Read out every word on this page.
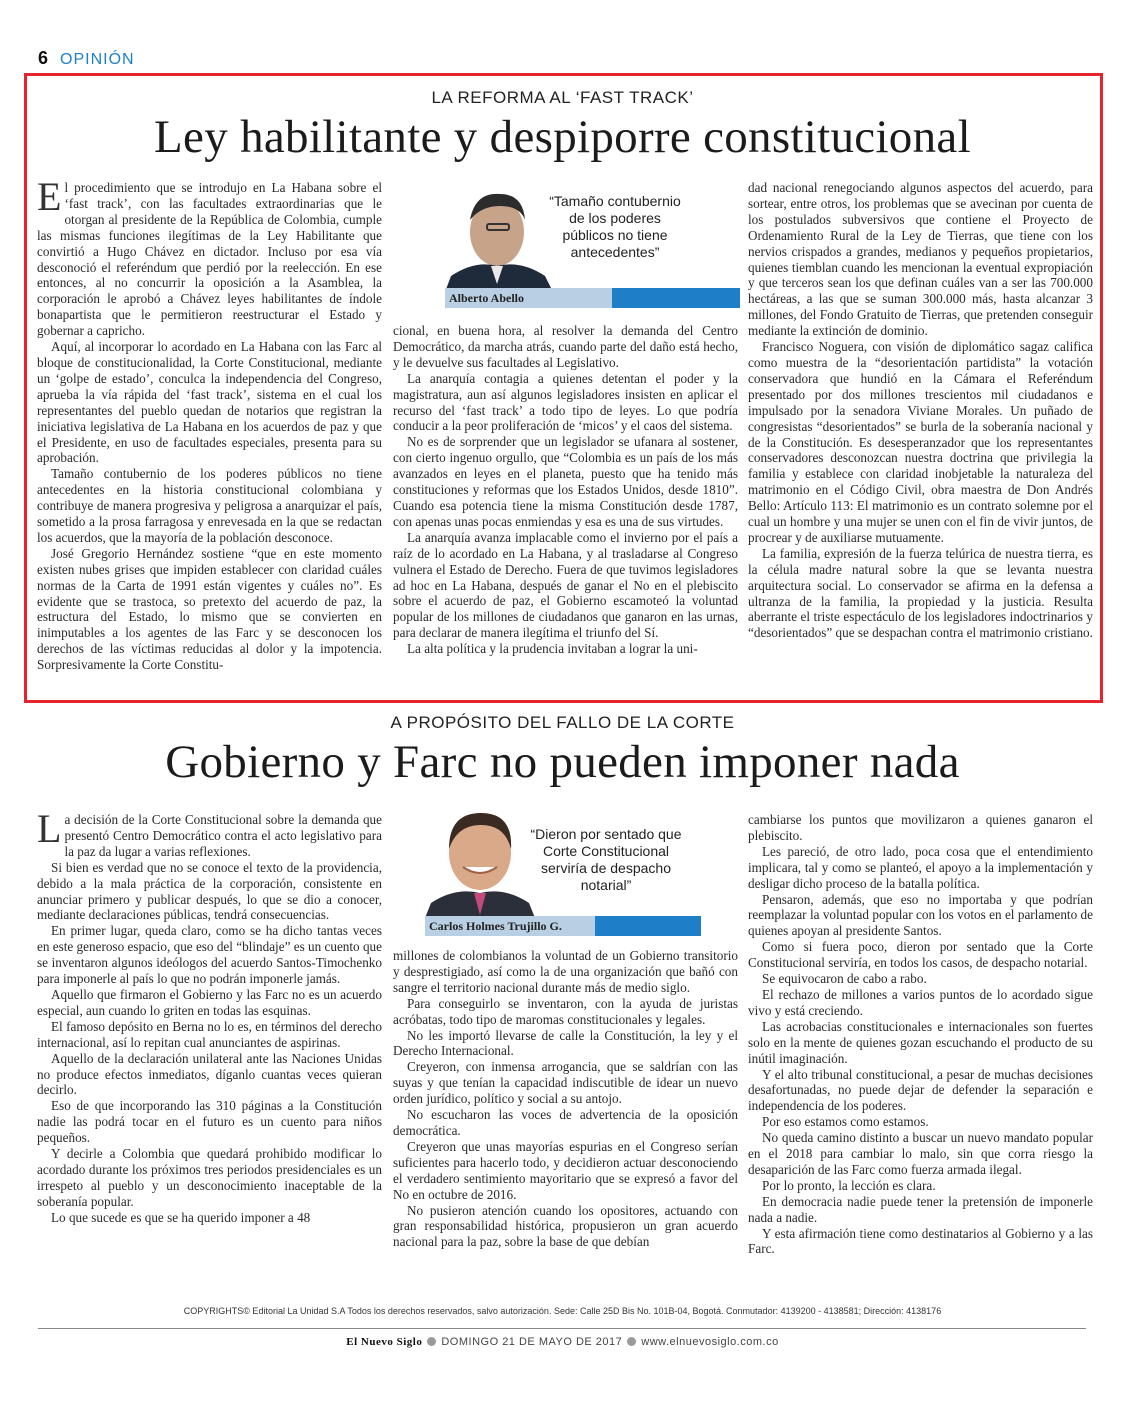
6 OPINIÓN
LA REFORMA AL ‘FAST TRACK’
Ley habilitante y despiporre constitucional

El procedimiento que se introdujo en La Habana sobre el ‘fast track’, con las facultades extraordinarias que le otorgan al presidente de la República de Colombia, cumple las mismas funciones ilegítimas de la Ley Habilitante que convirtió a Hugo Chávez en dictador. Incluso por esa vía desconoció el referéndum que perdió por la reelección. En ese entonces, al no concurrir la oposición a la Asamblea, la corporación le aprobó a Chávez leyes habilitantes de índole bonapartista que le permitieron reestructurar el Estado y gobernar a capricho.

Aquí, al incorporar lo acordado en La Habana con las Farc al bloque de constitucionalidad, la Corte Constitucional, mediante un ‘golpe de estado’, conculca la independencia del Congreso, aprueba la vía rápida del ‘fast track’, sistema en el cual los representantes del pueblo quedan de notarios que registran la iniciativa legislativa de La Habana en los acuerdos de paz y que el Presidente, en uso de facultades especiales, presenta para su aprobación.

Tamaño contubernio de los poderes públicos no tiene antecedentes en la historia constitucional colombiana y contribuye de manera progresiva y peligrosa a anarquizar el país, sometido a la prosa farragosa y enrevesada en la que se redactan los acuerdos, que la mayoría de la población desconoce.

José Gregorio Hernández sostiene “que en este momento existen nubes grises que impiden establecer con claridad cuáles normas de la Carta de 1991 están vigentes y cuáles no”. Es evidente que se trastoca, so pretexto del acuerdo de paz, la estructura del Estado, lo mismo que se convierten en inimputables a los agentes de las Farc y se desconocen los derechos de las víctimas reducidas al dolor y la impotencia. Sorpresivamente la Corte Constitu-

“Tamaño contubernio de los poderes públicos no tiene antecedentes”
Alberto Abello

cional, en buena hora, al resolver la demanda del Centro Democrático, da marcha atrás, cuando parte del daño está hecho, y le devuelve sus facultades al Legislativo.

La anarquía contagia a quienes detentan el poder y la magistratura, aun así algunos legisladores insisten en aplicar el recurso del ‘fast track’ a todo tipo de leyes. Lo que podría conducir a la peor proliferación de ‘micos’ y el caos del sistema.

No es de sorprender que un legislador se ufanara al sostener, con cierto ingenuo orgullo, que “Colombia es un país de los más avanzados en leyes en el planeta, puesto que ha tenido más constituciones y reformas que los Estados Unidos, desde 1810”. Cuando esa potencia tiene la misma Constitución desde 1787, con apenas unas pocas enmiendas y esa es una de sus virtudes.

La anarquía avanza implacable como el invierno por el país a raíz de lo acordado en La Habana, y al trasladarse al Congreso vulnera el Estado de Derecho. Fuera de que tuvimos legisladores ad hoc en La Habana, después de ganar el No en el plebiscito sobre el acuerdo de paz, el Gobierno escamoteó la voluntad popular de los millones de ciudadanos que ganaron en las urnas, para declarar de manera ilegítima el triunfo del Sí.

La alta política y la prudencia invitaban a lograr la uni-

dad nacional renegociando algunos aspectos del acuerdo, para sortear, entre otros, los problemas que se avecinan por cuenta de los postulados subversivos que contiene el Proyecto de Ordenamiento Rural de la Ley de Tierras, que tiene con los nervios crispados a grandes, medianos y pequeños propietarios, quienes tiemblan cuando les mencionan la eventual expropiación y que terceros sean los que definan cuáles van a ser las 700.000 hectáreas, a las que se suman 300.000 más, hasta alcanzar 3 millones, del Fondo Gratuito de Tierras, que pretenden conseguir mediante la extinción de dominio.

Francisco Noguera, con visión de diplomático sagaz califica como muestra de la “desorientación partidista” la votación conservadora que hundió en la Cámara el Referéndum presentado por dos millones trescientos mil ciudadanos e impulsado por la senadora Viviane Morales. Un puñado de congresistas “desorientados” se burla de la soberanía nacional y de la Constitución. Es desesperanzador que los representantes conservadores desconozcan nuestra doctrina que privilegia la familia y establece con claridad inobjetable la naturaleza del matrimonio en el Código Civil, obra maestra de Don Andrés Bello: Artículo 113: El matrimonio es un contrato solemne por el cual un hombre y una mujer se unen con el fin de vivir juntos, de procrear y de auxiliarse mutuamente.

La familia, expresión de la fuerza telúrica de nuestra tierra, es la célula madre natural sobre la que se levanta nuestra arquitectura social. Lo conservador se afirma en la defensa a ultranza de la familia, la propiedad y la justicia. Resulta aberrante el triste espectáculo de los legisladores indoctrinarios y “desorientados” que se despachan contra el matrimonio cristiano.

A PROPÓSITO DEL FALLO DE LA CORTE
Gobierno y Farc no pueden imponer nada

La decisión de la Corte Constitucional sobre la demanda que presentó Centro Democrático contra el acto legislativo para la paz da lugar a varias reflexiones.

Si bien es verdad que no se conoce el texto de la providencia, debido a la mala práctica de la corporación, consistente en anunciar primero y publicar después, lo que se dio a conocer, mediante declaraciones públicas, tendrá consecuencias.

En primer lugar, queda claro, como se ha dicho tantas veces en este generoso espacio, que eso del “blindaje” es un cuento que se inventaron algunos ideólogos del acuerdo Santos-Timochenko para imponerle al país lo que no podrán imponerle jamás.

Aquello que firmaron el Gobierno y las Farc no es un acuerdo especial, aun cuando lo griten en todas las esquinas.

El famoso depósito en Berna no lo es, en términos del derecho internacional, así lo repitan cual anunciantes de aspirinas.

Aquello de la declaración unilateral ante las Naciones Unidas no produce efectos inmediatos, díganlo cuantas veces quieran decirlo.

Eso de que incorporando las 310 páginas a la Constitución nadie las podrá tocar en el futuro es un cuento para niños pequeños.

Y decirle a Colombia que quedará prohibido modificar lo acordado durante los próximos tres periodos presidenciales es un irrespeto al pueblo y un desconocimiento inaceptable de la soberanía popular.

Lo que sucede es que se ha querido imponer a 48

“Dieron por sentado que Corte Constitucional serviría de despacho notarial”
Carlos Holmes Trujillo G.

millones de colombianos la voluntad de un Gobierno transitorio y desprestigiado, así como la de una organización que bañó con sangre el territorio nacional durante más de medio siglo.

Para conseguirlo se inventaron, con la ayuda de juristas acróbatas, todo tipo de maromas constitucionales y legales.

No les importó llevarse de calle la Constitución, la ley y el Derecho Internacional.

Creyeron, con inmensa arrogancia, que se saldrían con las suyas y que tenían la capacidad indiscutible de idear un nuevo orden jurídico, político y social a su antojo.

No escucharon las voces de advertencia de la oposición democrática.

Creyeron que unas mayorías espurias en el Congreso serían suficientes para hacerlo todo, y decidieron actuar desconociendo el verdadero sentimiento mayoritario que se expresó a favor del No en octubre de 2016.

No pusieron atención cuando los opositores, actuando con gran responsabilidad histórica, propusieron un gran acuerdo nacional para la paz, sobre la base de que debían

cambiarse los puntos que movilizaron a quienes ganaron el plebiscito.

Les pareció, de otro lado, poca cosa que el entendimiento implicara, tal y como se planteó, el apoyo a la implementación y desligar dicho proceso de la batalla política.

Pensaron, además, que eso no importaba y que podrían reemplazar la voluntad popular con los votos en el parlamento de quienes apoyan al presidente Santos.

Como si fuera poco, dieron por sentado que la Corte Constitucional serviría, en todos los casos, de despacho notarial.

Se equivocaron de cabo a rabo.

El rechazo de millones a varios puntos de lo acordado sigue vivo y está creciendo.

Las acrobacias constitucionales e internacionales son fuertes solo en la mente de quienes gozan escuchando el producto de su inútil imaginación.

Y el alto tribunal constitucional, a pesar de muchas decisiones desafortunadas, no puede dejar de defender la separación e independencia de los poderes.

Por eso estamos como estamos.

No queda camino distinto a buscar un nuevo mandato popular en el 2018 para cambiar lo malo, sin que corra riesgo la desaparición de las Farc como fuerza armada ilegal.

Por lo pronto, la lección es clara.

En democracia nadie puede tener la pretensión de imponerle nada a nadie.

Y esta afirmación tiene como destinatarios al Gobierno y a las Farc.

COPYRIGHTS© Editorial La Unidad S.A Todos los derechos reservados, salvo autorización. Sede: Calle 25D Bis No. 101B-04, Bogotá. Conmutador: 4139200 - 4138581; Dirección: 4138176
El Nuevo Siglo DOMINGO 21 DE MAYO DE 2017 www.elnuevosiglo.com.co
